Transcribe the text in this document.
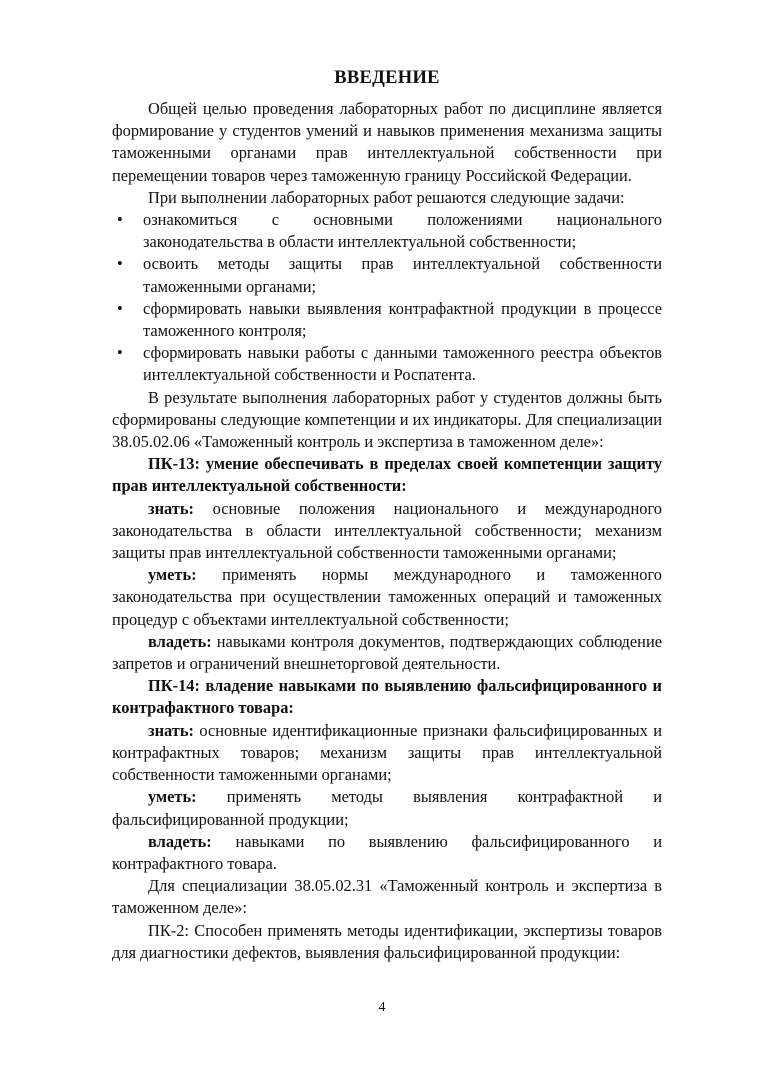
ВВЕДЕНИЕ

Общей целью проведения лабораторных работ по дисциплине является формирование у студентов умений и навыков применения механизма защиты таможенными органами прав интеллектуальной собственности при перемещении товаров через таможенную границу Российской Федерации.

При выполнении лабораторных работ решаются следующие задачи:

•	ознакомиться с основными положениями национального законодательства в области интеллектуальной собственности;
•	освоить методы защиты прав интеллектуальной собственности таможенными органами;
•	сформировать навыки выявления контрафактной продукции в процессе таможенного контроля;
•	сформировать навыки работы с данными таможенного реестра объектов интеллектуальной собственности и Роспатента.

В результате выполнения лабораторных работ у студентов должны быть сформированы следующие компетенции и их индикаторы. Для специализации 38.05.02.06 «Таможенный контроль и экспертиза в таможенном деле»:

ПК-13: умение обеспечивать в пределах своей компетенции защиту прав интеллектуальной собственности:

знать: основные положения национального и международного законодательства в области интеллектуальной собственности; механизм защиты прав интеллектуальной собственности таможенными органами;

уметь: применять нормы международного и таможенного законодательства при осуществлении таможенных операций и таможенных процедур с объектами интеллектуальной собственности;

владеть: навыками контроля документов, подтверждающих соблюдение запретов и ограничений внешнеторговой деятельности.

ПК-14: владение навыками по выявлению фальсифицированного и контрафактного товара:

знать: основные идентификационные признаки фальсифицированных и контрафактных товаров; механизм защиты прав интеллектуальной собственности таможенными органами;

уметь: применять методы выявления контрафактной и фальсифицированной продукции;

владеть: навыками по выявлению фальсифицированного и контрафактного товара.

Для специализации 38.05.02.31 «Таможенный контроль и экспертиза в таможенном деле»:

ПК-2: Способен применять методы идентификации, экспертизы товаров для диагностики дефектов, выявления фальсифицированной продукции:

4
